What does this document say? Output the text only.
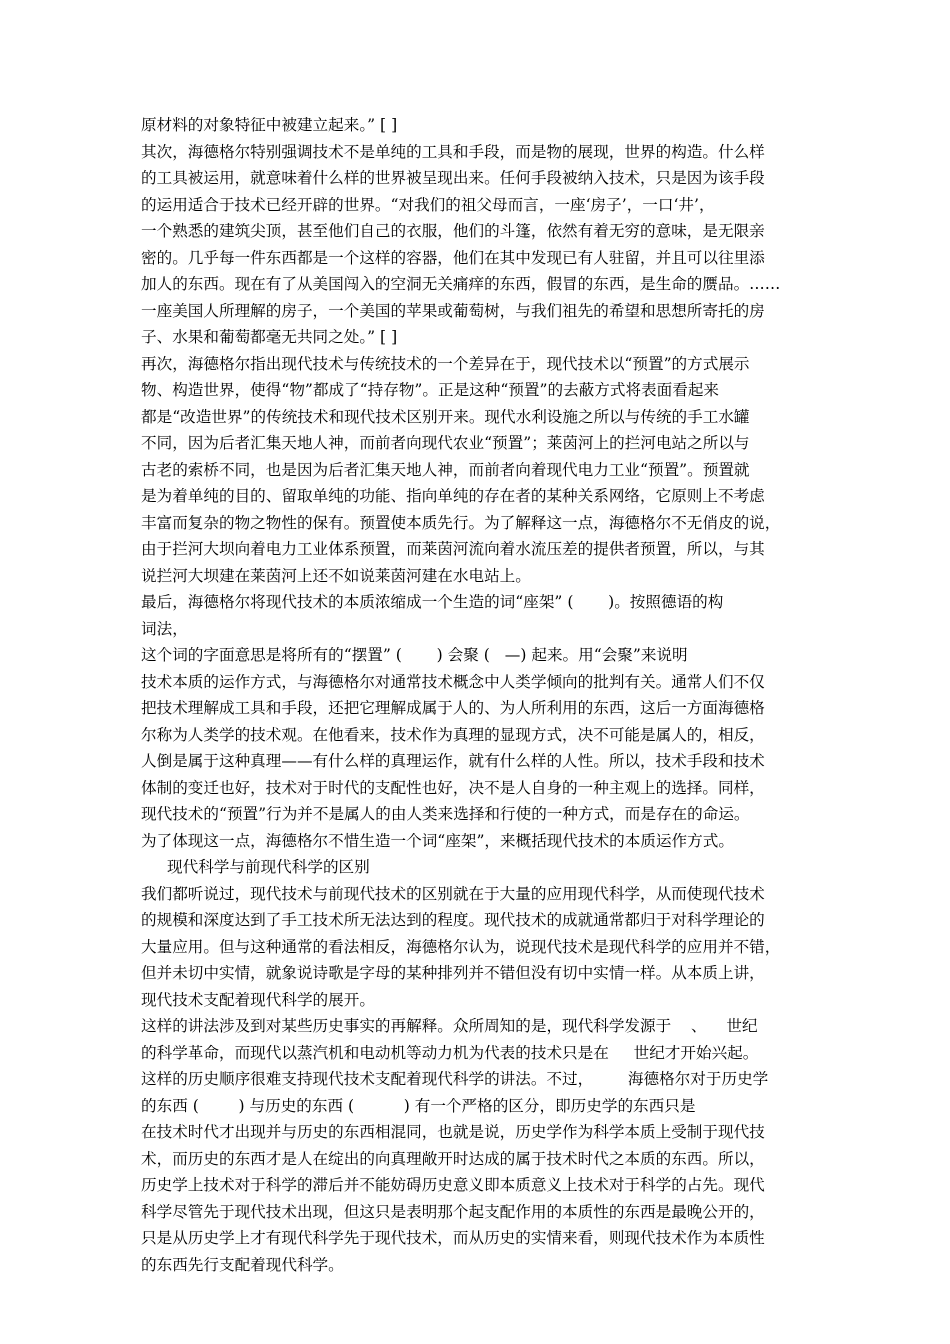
原材料的对象特征中被建立起来。” [ ]
其次，海德格尔特别强调技术不是单纯的工具和手段，而是物的展现，世界的构造。什么样
的工具被运用，就意味着什么样的世界被呈现出来。任何手段被纳入技术，只是因为该手段
的运用适合于技术已经开辟的世界。“对我们的祖父母而言，一座‘房子’，一口‘井’，
一个熟悉的建筑尖顶，甚至他们自己的衣服，他们的斗篷，依然有着无穷的意味，是无限亲
密的。几乎每一件东西都是一个这样的容器，他们在其中发现已有人驻留，并且可以往里添
加人的东西。现在有了从美国闯入的空洞无关痛痒的东西，假冒的东西，是生命的赝品。……
一座美国人所理解的房子，一个美国的苹果或葡萄树，与我们祖先的希望和思想所寄托的房
子、水果和葡萄都毫无共同之处。” [ ]
再次，海德格尔指出现代技术与传统技术的一个差异在于，现代技术以“预置”的方式展示
物、构造世界，使得“物”都成了“持存物”。正是这种“预置”的去蔽方式将表面看起来
都是“改造世界”的传统技术和现代技术区别开来。现代水利设施之所以与传统的手工水罐
不同，因为后者汇集天地人神，而前者向现代农业“预置”；莱茵河上的拦河电站之所以与
古老的索桥不同，也是因为后者汇集天地人神，而前者向着现代电力工业“预置”。预置就
是为着单纯的目的、留取单纯的功能、指向单纯的存在者的某种关系网络，它原则上不考虑
丰富而复杂的物之物性的保有。预置使本质先行。为了解释这一点，海德格尔不无俏皮的说，
由于拦河大坝向着电力工业体系预置，而莱茵河流向着水流压差的提供者预置，所以，与其
说拦河大坝建在莱茵河上还不如说莱茵河建在水电站上。
最后，海德格尔将现代技术的本质浓缩成一个生造的词“座架” (       )。按照德语的构
词法，
这个词的字面意思是将所有的“摆置” (       ) 会聚 (   —) 起来。用“会聚”来说明
技术本质的运作方式，与海德格尔对通常技术概念中人类学倾向的批判有关。通常人们不仅
把技术理解成工具和手段，还把它理解成属于人的、为人所利用的东西，这后一方面海德格
尔称为人类学的技术观。在他看来，技术作为真理的显现方式，决不可能是属人的，相反，
人倒是属于这种真理——有什么样的真理运作，就有什么样的人性。所以，技术手段和技术
体制的变迁也好，技术对于时代的支配性也好，决不是人自身的一种主观上的选择。同样，
现代技术的“预置”行为并不是属人的由人类来选择和行使的一种方式，而是存在的命运。
为了体现这一点，海德格尔不惜生造一个词“座架”，来概括现代技术的本质运作方式。
现代科学与前现代科学的区别
我们都听说过，现代技术与前现代技术的区别就在于大量的应用现代科学，从而使现代技术
的规模和深度达到了手工技术所无法达到的程度。现代技术的成就通常都归于对科学理论的
大量应用。但与这种通常的看法相反，海德格尔认为，说现代技术是现代科学的应用并不错，
但并未切中实情，就象说诗歌是字母的某种排列并不错但没有切中实情一样。从本质上讲，
现代技术支配着现代科学的展开。
这样的讲法涉及到对某些历史事实的再解释。众所周知的是，现代科学发源于    、    世纪
的科学革命，而现代以蒸汽机和电动机等动力机为代表的技术只是在     世纪才开始兴起。
这样的历史顺序很难支持现代技术支配着现代科学的讲法。不过，       海德格尔对于历史学
的东西 (        ) 与历史的东西 (          ) 有一个严格的区分，即历史学的东西只是
在技术时代才出现并与历史的东西相混同，也就是说，历史学作为科学本质上受制于现代技
术，而历史的东西才是人在绽出的向真理敞开时达成的属于技术时代之本质的东西。所以，
历史学上技术对于科学的滞后并不能妨碍历史意义即本质意义上技术对于科学的占先。现代
科学尽管先于现代技术出现，但这只是表明那个起支配作用的本质性的东西是最晚公开的，
只是从历史学上才有现代科学先于现代技术，而从历史的实情来看，则现代技术作为本质性
的东西先行支配着现代科学。
